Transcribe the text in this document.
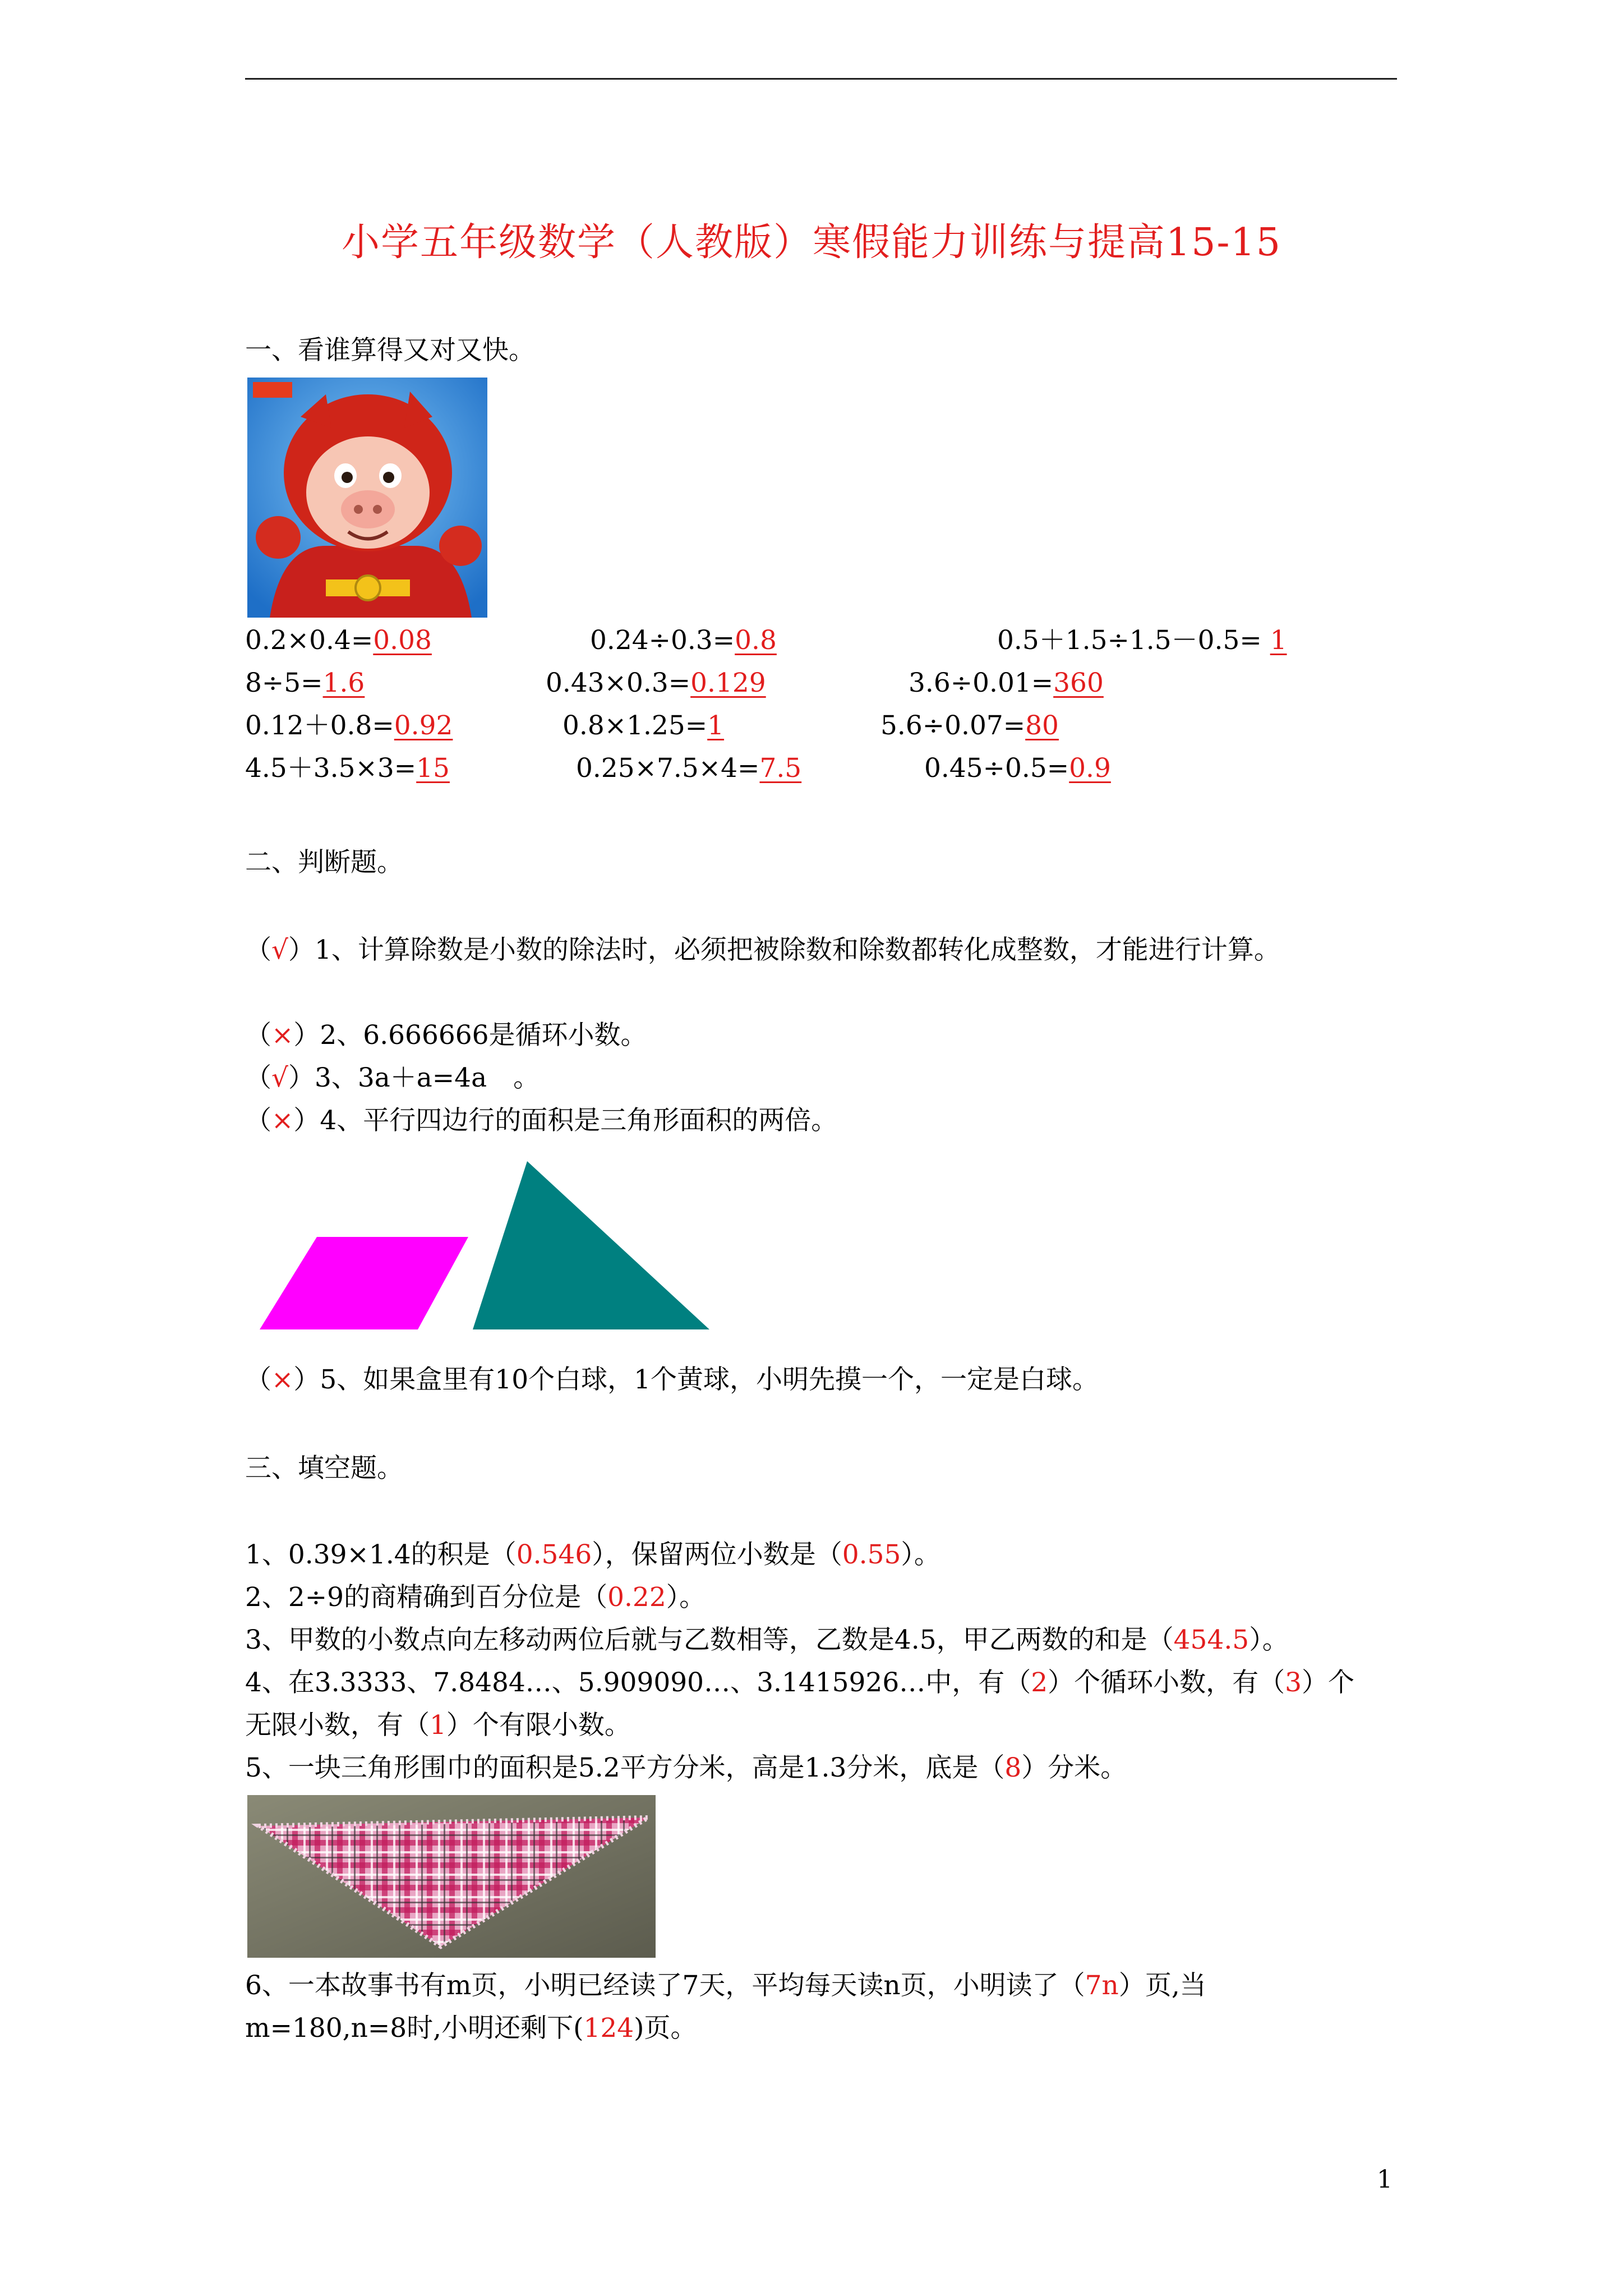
小学五年级数学（人教版）寒假能力训练与提高15-15
一、看谁算得又对又快。
0.2×0.4=0.08	0.24÷0.3=0.8	0.5＋1.5÷1.5－0.5= 1
8÷5=1.6	0.43×0.3=0.129	3.6÷0.01=360
0.12＋0.8=0.92	0.8×1.25=1	5.6÷0.07=80
4.5＋3.5×3=15	0.25×7.5×4=7.5	0.45÷0.5=0.9
二、判断题。
（√）1、计算除数是小数的除法时，必须把被除数和除数都转化成整数，才能进行计算。
（×）2、6.666666是循环小数。
（√）3、3a＋a=4a　。
（×）4、平行四边行的面积是三角形面积的两倍。
（×）5、如果盒里有10个白球，1个黄球，小明先摸一个，一定是白球。
三、填空题。
1、0.39×1.4的积是（0.546），保留两位小数是（0.55）。
2、2÷9的商精确到百分位是（0.22）。
3、甲数的小数点向左移动两位后就与乙数相等，乙数是4.5，甲乙两数的和是（454.5）。
4、在3.3333、7.8484…、5.909090…、3.1415926…中，有（2）个循环小数，有（3）个
无限小数，有（1）个有限小数。
5、一块三角形围巾的面积是5.2平方分米，高是1.3分米，底是（8）分米。
6、一本故事书有m页，小明已经读了7天，平均每天读n页，小明读了（7n）页,当
m=180,n=8时,小明还剩下(124)页。
1
